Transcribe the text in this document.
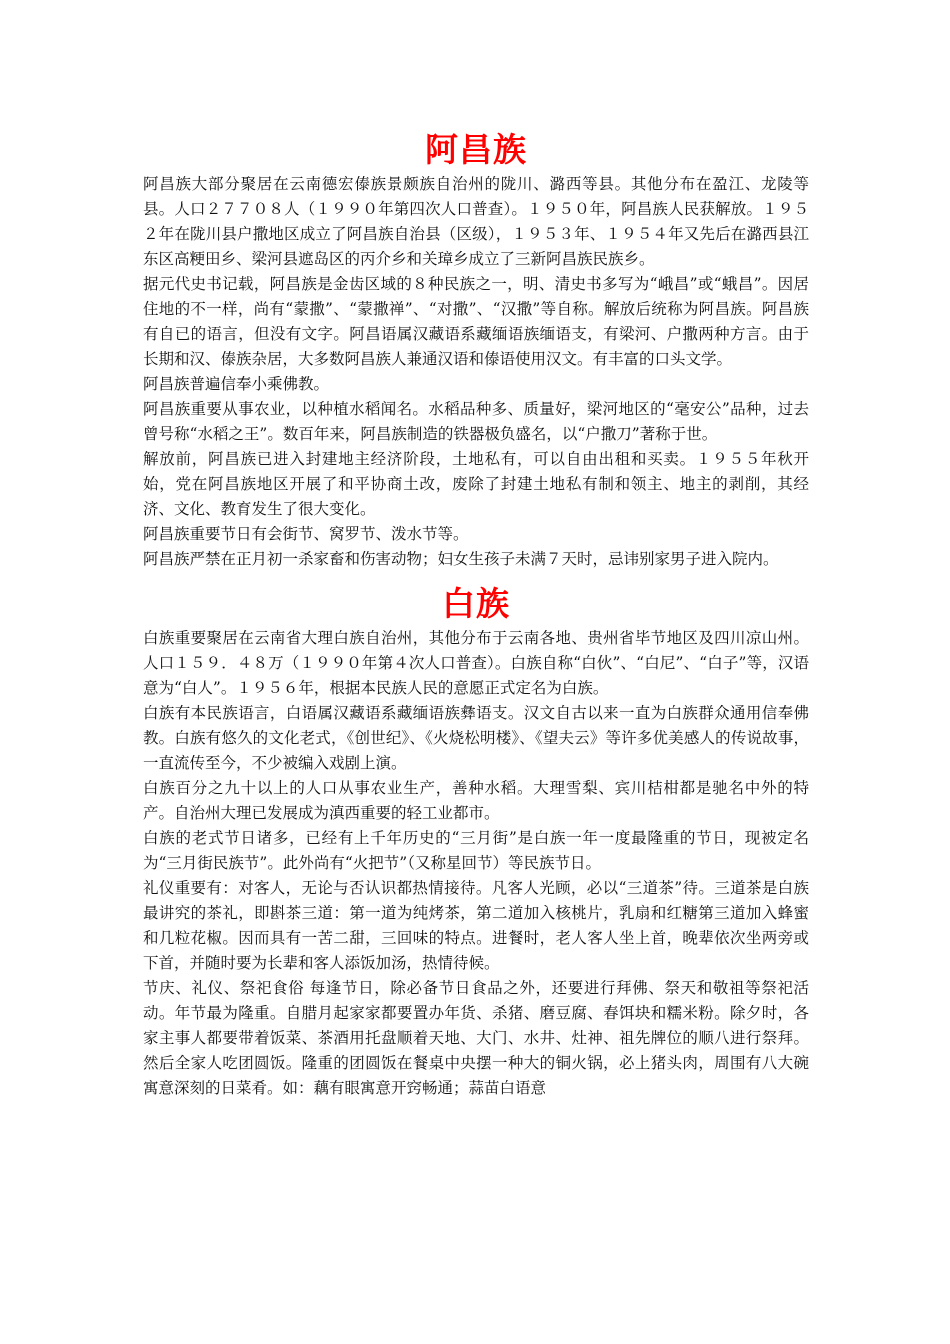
阿昌族

阿昌族大部分聚居在云南德宏傣族景颇族自治州的陇川、潞西等县。其他分布在盈江、龙陵等县。人口２７７０８人（１９９０年第四次人口普查）。１９５０年，阿昌族人民获解放。１９５２年在陇川县户撒地区成立了阿昌族自治县（区级），１９５３年、１９５４年又先后在潞西县江东区高粳田乡、梁河县遮岛区的丙介乡和关璋乡成立了三新阿昌族民族乡。

据元代史书记载，阿昌族是金齿区域的８种民族之一，明、清史书多写为“峨昌”或“蛾昌”。因居住地的不一样，尚有“蒙撒”、“蒙撒禅”、“对撒”、“汉撒”等自称。解放后统称为阿昌族。阿昌族有自已的语言，但没有文字。阿昌语属汉藏语系藏缅语族缅语支，有梁河、户撒两种方言。由于长期和汉、傣族杂居，大多数阿昌族人兼通汉语和傣语使用汉文。有丰富的口头文学。

阿昌族普遍信奉小乘佛教。

阿昌族重要从事农业，以种植水稻闻名。水稻品种多、质量好，梁河地区的“毫安公”品种，过去曾号称“水稻之王”。数百年来，阿昌族制造的铁器极负盛名，以“户撒刀”著称于世。

解放前，阿昌族已进入封建地主经济阶段，土地私有，可以自由出租和买卖。１９５５年秋开始，党在阿昌族地区开展了和平协商土改，废除了封建土地私有制和领主、地主的剥削，其经济、文化、教育发生了很大变化。

阿昌族重要节日有会街节、窝罗节、泼水节等。

阿昌族严禁在正月初一杀家畜和伤害动物；妇女生孩子未满７天时，忌讳别家男子进入院内。

白族

白族重要聚居在云南省大理白族自治州，其他分布于云南各地、贵州省毕节地区及四川凉山州。人口１５９．４８万（１９９０年第４次人口普查）。白族自称“白伙”、“白尼”、“白子”等，汉语意为“白人”。１９５６年，根据本民族人民的意愿正式定名为白族。

白族有本民族语言，白语属汉藏语系藏缅语族彝语支。汉文自古以来一直为白族群众通用信奉佛教。白族有悠久的文化老式，《创世纪》、《火烧松明楼》、《望夫云》等许多优美感人的传说故事，一直流传至今，不少被编入戏剧上演。

白族百分之九十以上的人口从事农业生产，善种水稻。大理雪梨、宾川桔柑都是驰名中外的特产。自治州大理已发展成为滇西重要的轻工业都市。

白族的老式节日诸多，已经有上千年历史的“三月街”是白族一年一度最隆重的节日，现被定名为“三月街民族节”。此外尚有“火把节”（又称星回节）等民族节日。

礼仪重要有：对客人，无论与否认识都热情接待。凡客人光顾，必以“三道茶”待。三道茶是白族最讲究的茶礼，即斟茶三道：第一道为纯烤茶，第二道加入核桃片，乳扇和红糖第三道加入蜂蜜和几粒花椒。因而具有一苦二甜，三回味的特点。进餐时，老人客人坐上首，晚辈依次坐两旁或下首，并随时要为长辈和客人添饭加汤，热情待候。

节庆、礼仪、祭祀食俗 每逢节日，除必备节日食品之外，还要进行拜佛、祭天和敬祖等祭祀活动。年节最为隆重。自腊月起家家都要置办年货、杀猪、磨豆腐、春饵块和糯米粉。除夕时，各家主事人都要带着饭菜、茶酒用托盘顺着天地、大门、水井、灶神、祖先牌位的顺八进行祭拜。然后全家人吃团圆饭。隆重的团圆饭在餐桌中央摆一种大的铜火锅，必上猪头肉，周围有八大碗寓意深刻的日菜肴。如：藕有眼寓意开窍畅通；蒜苗白语意
